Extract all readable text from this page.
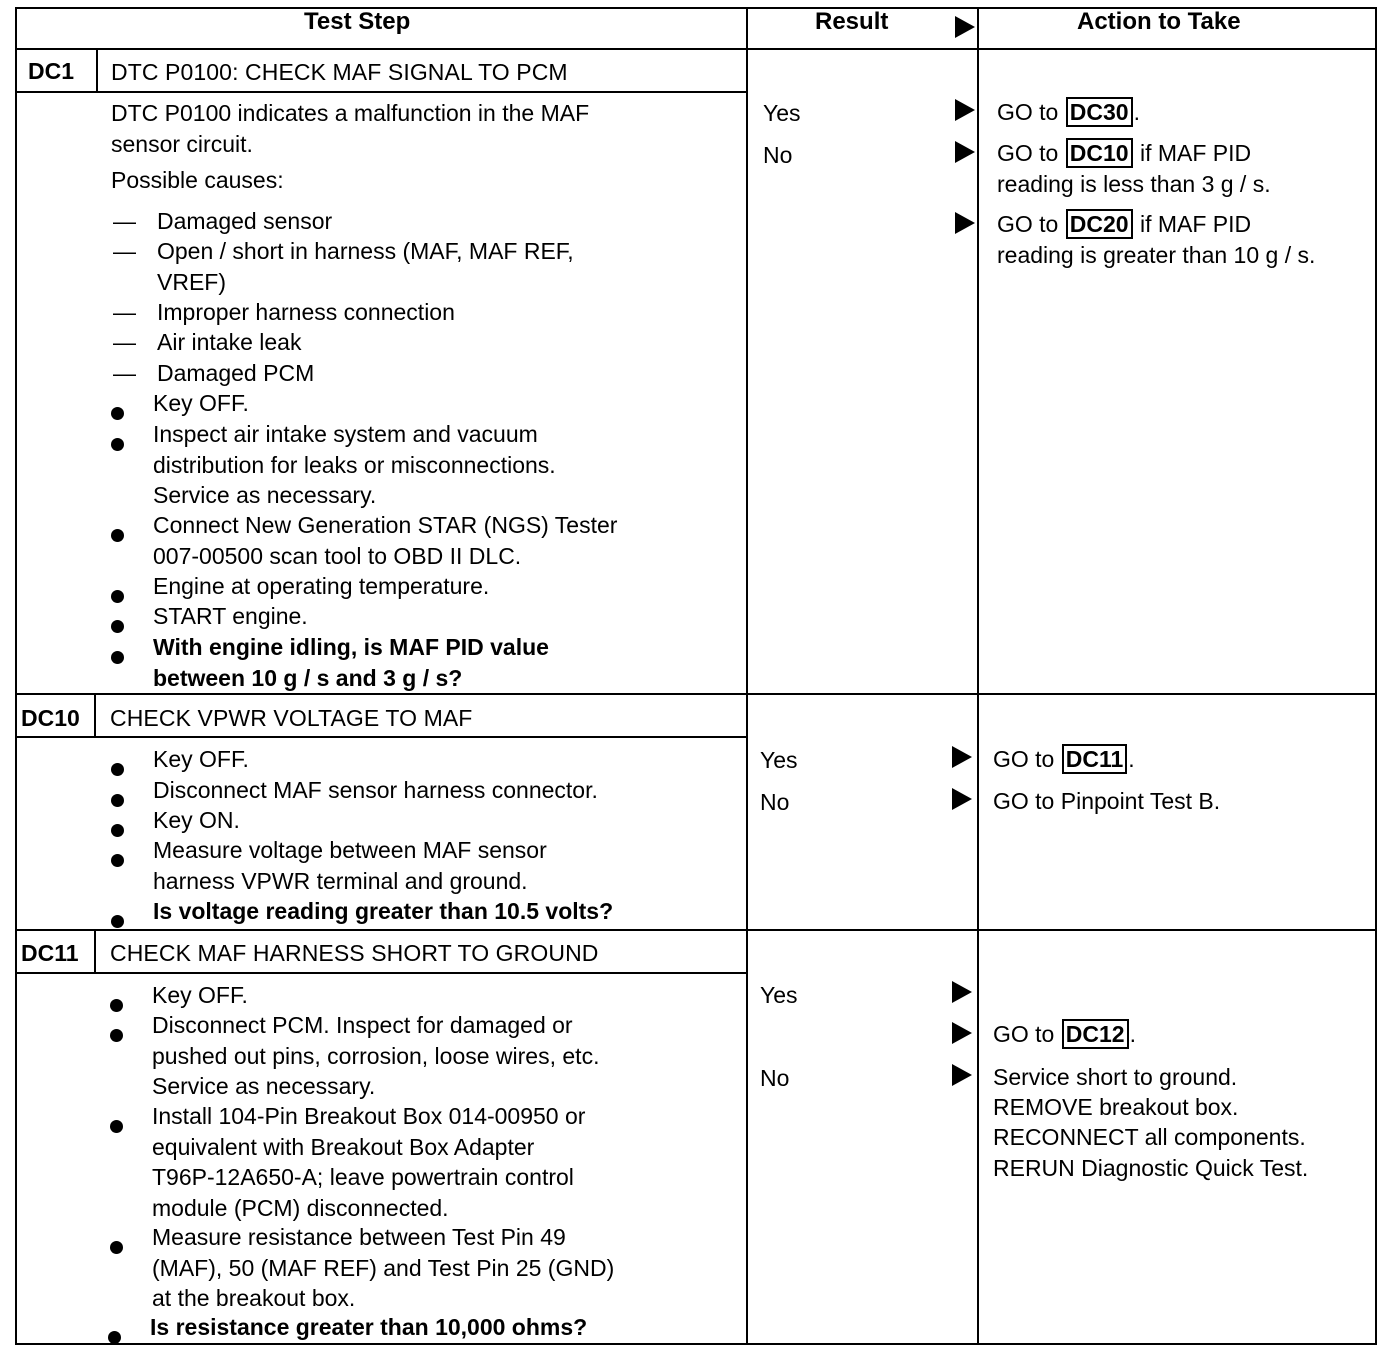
Test Step	Result	Action to Take
DC1 DTC P0100: CHECK MAF SIGNAL TO PCM
DTC P0100 indicates a malfunction in the MAF
sensor circuit.
Possible causes:
— Damaged sensor
— Open / short in harness (MAF, MAF REF,
VREF)
— Improper harness connection
— Air intake leak
— Damaged PCM
Key OFF.
Inspect air intake system and vacuum
distribution for leaks or misconnections.
Service as necessary.
Connect New Generation STAR (NGS) Tester
007-00500 scan tool to OBD II DLC.
Engine at operating temperature.
START engine.
With engine idling, is MAF PID value
between 10 g / s and 3 g / s?
Yes
No
GO to DC30 .
GO to DC10 if MAF PID
reading is less than 3 g / s.
GO to DC20 if MAF PID
reading is greater than 10 g / s.
DC10 CHECK VPWR VOLTAGE TO MAF
Key OFF.
Disconnect MAF sensor harness connector.
Key ON.
Measure voltage between MAF sensor
harness VPWR terminal and ground.
Is voltage reading greater than 10.5 volts?
Yes
No
GO to DC11 .
GO to Pinpoint Test B.
DC11 CHECK MAF HARNESS SHORT TO GROUND
Key OFF.
Disconnect PCM. Inspect for damaged or
pushed out pins, corrosion, loose wires, etc.
Service as necessary.
Install 104-Pin Breakout Box 014-00950 or
equivalent with Breakout Box Adapter
T96P-12A650-A; leave powertrain control
module (PCM) disconnected.
Measure resistance between Test Pin 49
(MAF), 50 (MAF REF) and Test Pin 25 (GND)
at the breakout box.
Is resistance greater than 10,000 ohms?
Yes
No
GO to DC12 .
Service short to ground.
REMOVE breakout box.
RECONNECT all components.
RERUN Diagnostic Quick Test.
